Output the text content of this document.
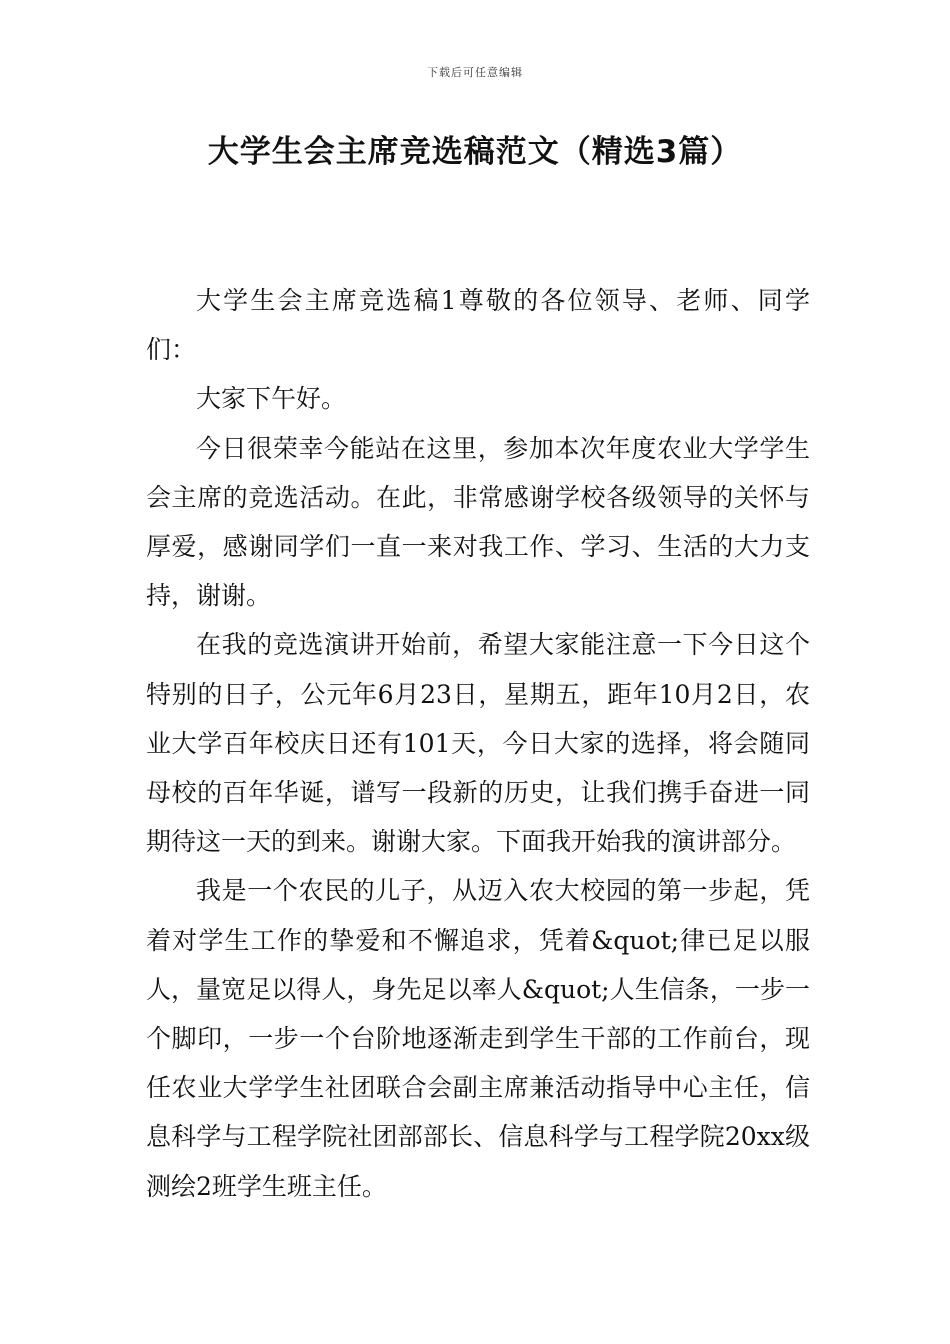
下载后可任意编辑
大学生会主席竞选稿范文（精选3篇）

大学生会主席竞选稿1尊敬的各位领导、老师、同学们：

大家下午好。

今日很荣幸今能站在这里，参加本次年度农业大学学生会主席的竞选活动。在此，非常感谢学校各级领导的关怀与厚爱，感谢同学们一直一来对我工作、学习、生活的大力支持，谢谢。

在我的竞选演讲开始前，希望大家能注意一下今日这个特别的日子，公元年6月23日，星期五，距年10月2日，农业大学百年校庆日还有101天，今日大家的选择，将会随同母校的百年华诞，谱写一段新的历史，让我们携手奋进一同期待这一天的到来。谢谢大家。下面我开始我的演讲部分。

我是一个农民的儿子，从迈入农大校园的第一步起，凭着对学生工作的挚爱和不懈追求，凭着&quot;律已足以服人，量宽足以得人，身先足以率人&quot;人生信条，一步一个脚印，一步一个台阶地逐渐走到学生干部的工作前台，现任农业大学学生社团联合会副主席兼活动指导中心主任，信息科学与工程学院社团部部长、信息科学与工程学院20xx级测绘2班学生班主任。
